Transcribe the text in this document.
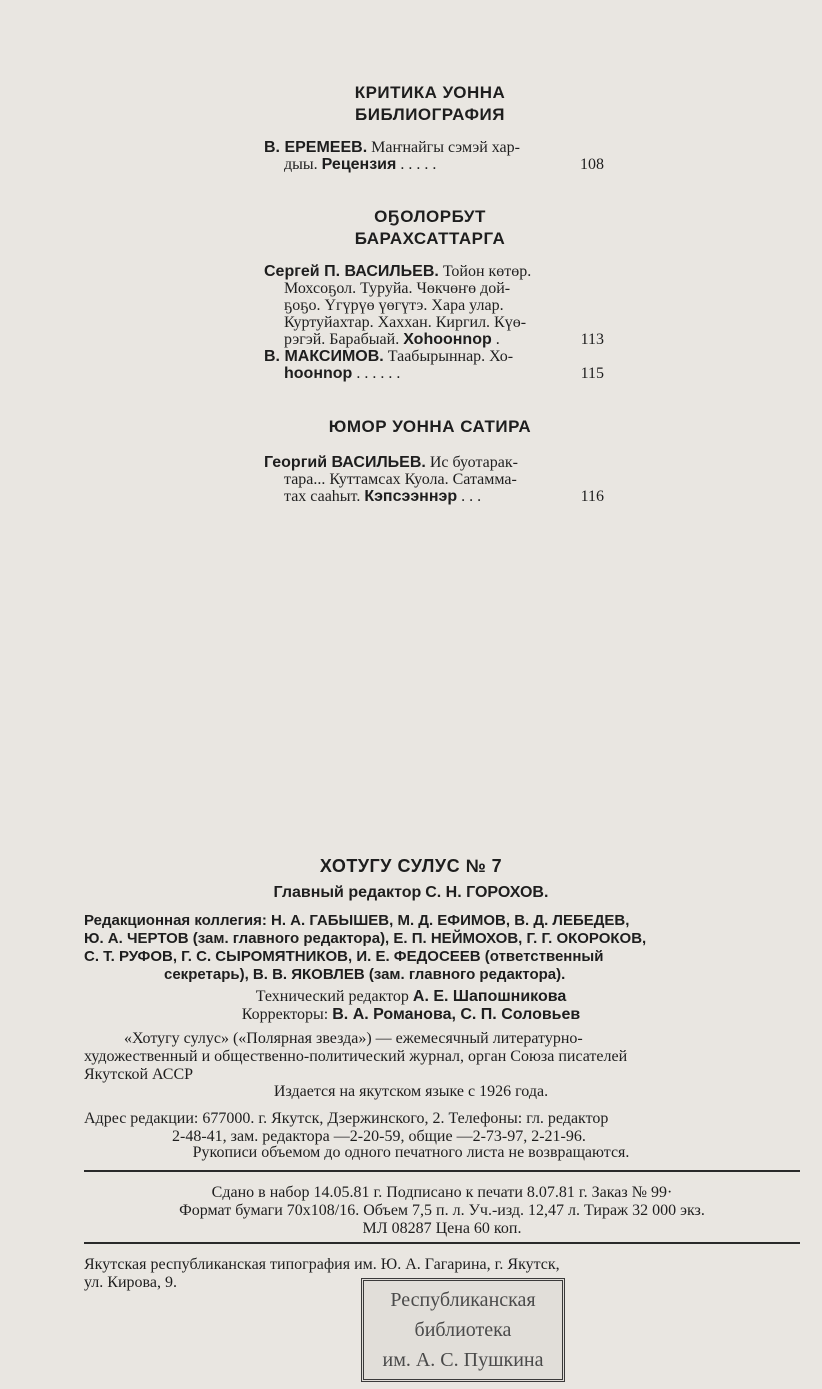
КРИТИКА УОННА
БИБЛИОГРАФИЯ
В. ЕРЕМЕЕВ. Маҥнайгы сэмэй хар-
дыы. Рецензия . . . . .	108
ОҔОЛОРБУТ
БАРАХСАТТАРГА
Сергей П. ВАСИЛЬЕВ. Тойон көтөр.
Мохсоҕол. Туруйа. Чөкчөҥө дой-
ҕоҕо. Үгүрүө үөгүтэ. Хара улар.
Куртуйахтар. Хаххан. Киргил. Күө-
рэгэй. Барабыай. Хоһоонnор .	113
В. МАКСИМОВ. Таабырыннар. Хо-
һоонnор . . . . . .	115
ЮМОР УОННА САТИРА
Георгий ВАСИЛЬЕВ. Ис буотарак-
тара... Куттамсах Куола. Сатамма-
тах сааһыт. Кэпсээннэр . . .	116
ХОТУГУ СУЛУС № 7
Главный редактор С. Н. ГОРОХОВ.
Редакционная коллегия: Н. А. ГАБЫШЕВ, М. Д. ЕФИМОВ, В. Д. ЛЕБЕДЕВ,
Ю. А. ЧЕРТОВ (зам. главного редактора), Е. П. НЕЙМОХОВ, Г. Г. ОКОРОКОВ,
С. Т. РУФОВ, Г. С. СЫРОМЯТНИКОВ, И. Е. ФЕДОСЕЕВ (ответственный
секретарь), В. В. ЯКОВЛЕВ (зам. главного редактора).
Технический редактор А. Е. Шапошникова
Корректоры: В. А. Романова, С. П. Соловьев
«Хотугу сулус» («Полярная звезда») — ежемесячный литературно-
художественный и общественно-политический журнал, орган Союза писателей
Якутской АССР
Издается на якутском языке с 1926 года.
Адрес редакции: 677000. г. Якутск, Дзержинского, 2. Телефоны: гл. редактор
2-48-41, зам. редактора —2-20-59, общие —2-73-97, 2-21-96.
Рукописи объемом до одного печатного листа не возвращаются.
Сдано в набор 14.05.81 г. Подписано к печати 8.07.81 г. Заказ № 99·
Формат бумаги 70х108/16. Объем 7,5 п. л. Уч.-изд. 12,47 л. Тираж 32 000 экз.
МЛ 08287 Цена 60 коп.
Якутская республиканская типография им. Ю. А. Гагарина, г. Якутск,
ул. Кирова, 9.
Республиканская
библиотека
им. А. С. Пушкина
